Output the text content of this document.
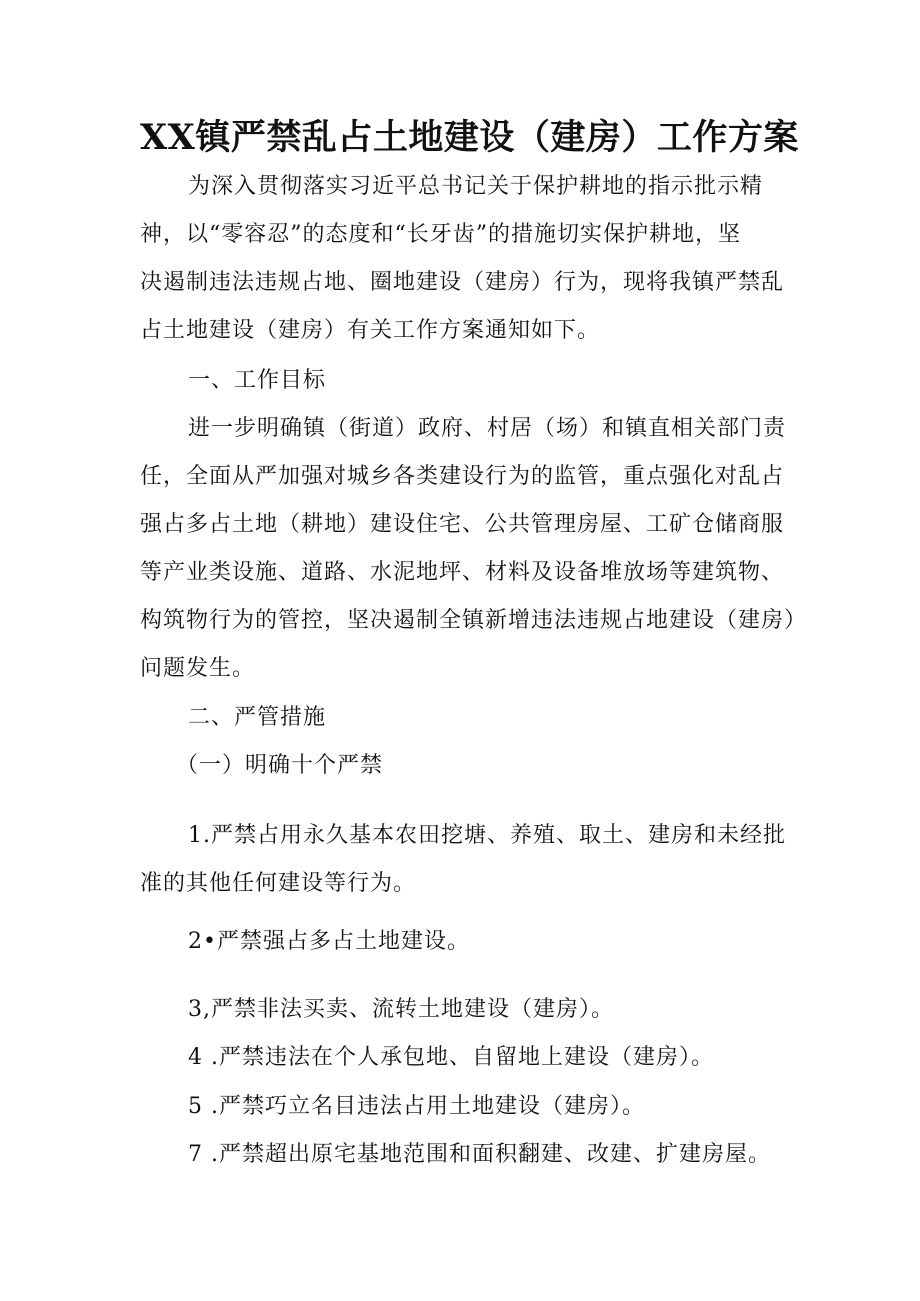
XX镇严禁乱占土地建设（建房）工作方案
为深入贯彻落实习近平总书记关于保护耕地的指示批示精
神，以“零容忍”的态度和“长牙齿”的措施切实保护耕地，坚
决遏制违法违规占地、圈地建设（建房）行为，现将我镇严禁乱
占土地建设（建房）有关工作方案通知如下。
一、工作目标
进一步明确镇（街道）政府、村居（场）和镇直相关部门责
任，全面从严加强对城乡各类建设行为的监管，重点强化对乱占
强占多占土地（耕地）建设住宅、公共管理房屋、工矿仓储商服
等产业类设施、道路、水泥地坪、材料及设备堆放场等建筑物、
构筑物行为的管控，坚决遏制全镇新增违法违规占地建设（建房）
问题发生。
二、严管措施
（一）明确十个严禁
1.严禁占用永久基本农田挖塘、养殖、取土、建房和未经批
准的其他任何建设等行为。
2•严禁强占多占土地建设。
3,严禁非法买卖、流转土地建设（建房）。
4 .严禁违法在个人承包地、自留地上建设（建房）。
5 .严禁巧立名目违法占用土地建设（建房）。
7 .严禁超出原宅基地范围和面积翻建、改建、扩建房屋。
